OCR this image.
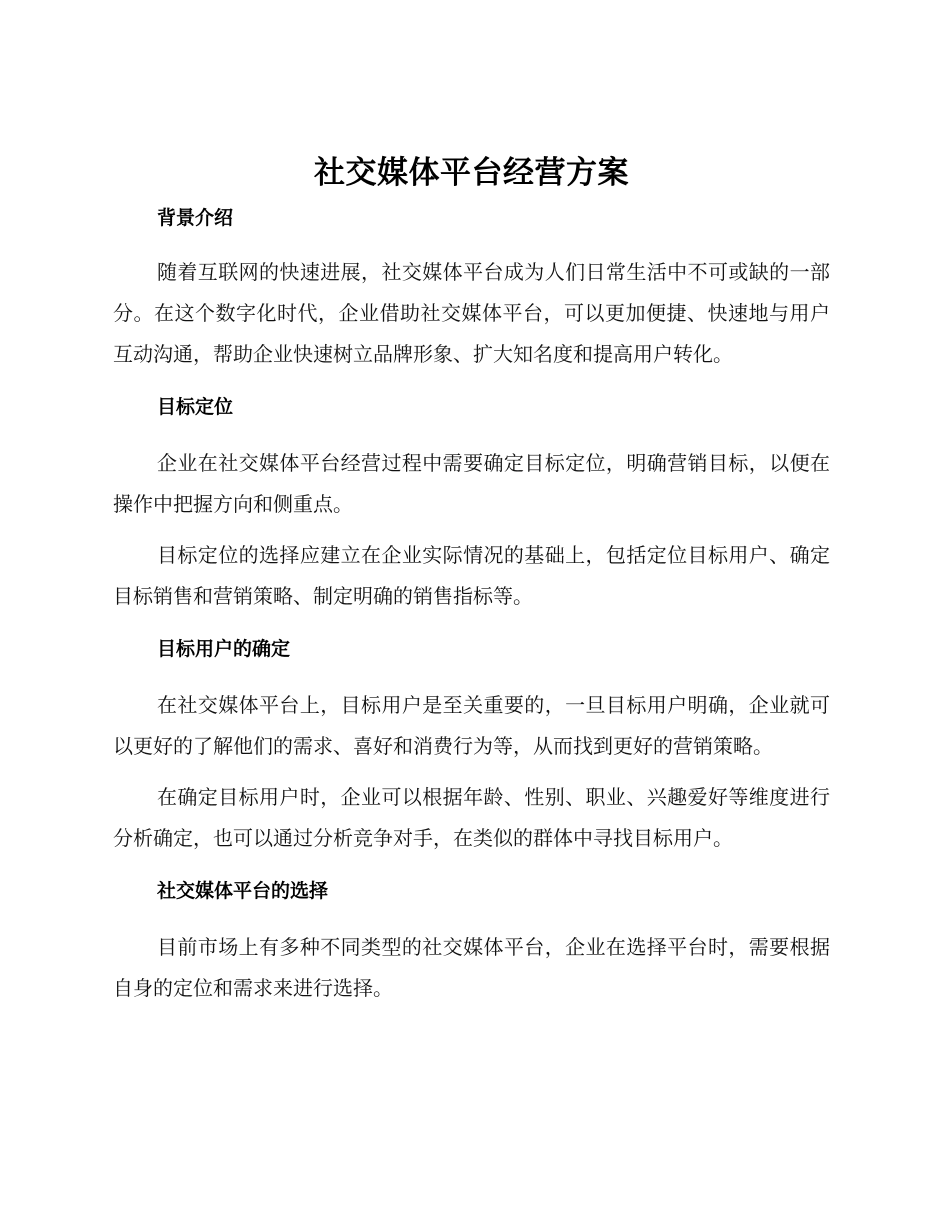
社交媒体平台经营方案
背景介绍

随着互联网的快速进展，社交媒体平台成为人们日常生活中不可或缺的一部分。在这个数字化时代，企业借助社交媒体平台，可以更加便捷、快速地与用户互动沟通，帮助企业快速树立品牌形象、扩大知名度和提高用户转化。

目标定位

企业在社交媒体平台经营过程中需要确定目标定位，明确营销目标，以便在操作中把握方向和侧重点。

目标定位的选择应建立在企业实际情况的基础上，包括定位目标用户、确定目标销售和营销策略、制定明确的销售指标等。

目标用户的确定

在社交媒体平台上，目标用户是至关重要的，一旦目标用户明确，企业就可以更好的了解他们的需求、喜好和消费行为等，从而找到更好的营销策略。

在确定目标用户时，企业可以根据年龄、性别、职业、兴趣爱好等维度进行分析确定，也可以通过分析竞争对手，在类似的群体中寻找目标用户。

社交媒体平台的选择

目前市场上有多种不同类型的社交媒体平台，企业在选择平台时，需要根据自身的定位和需求来进行选择。
